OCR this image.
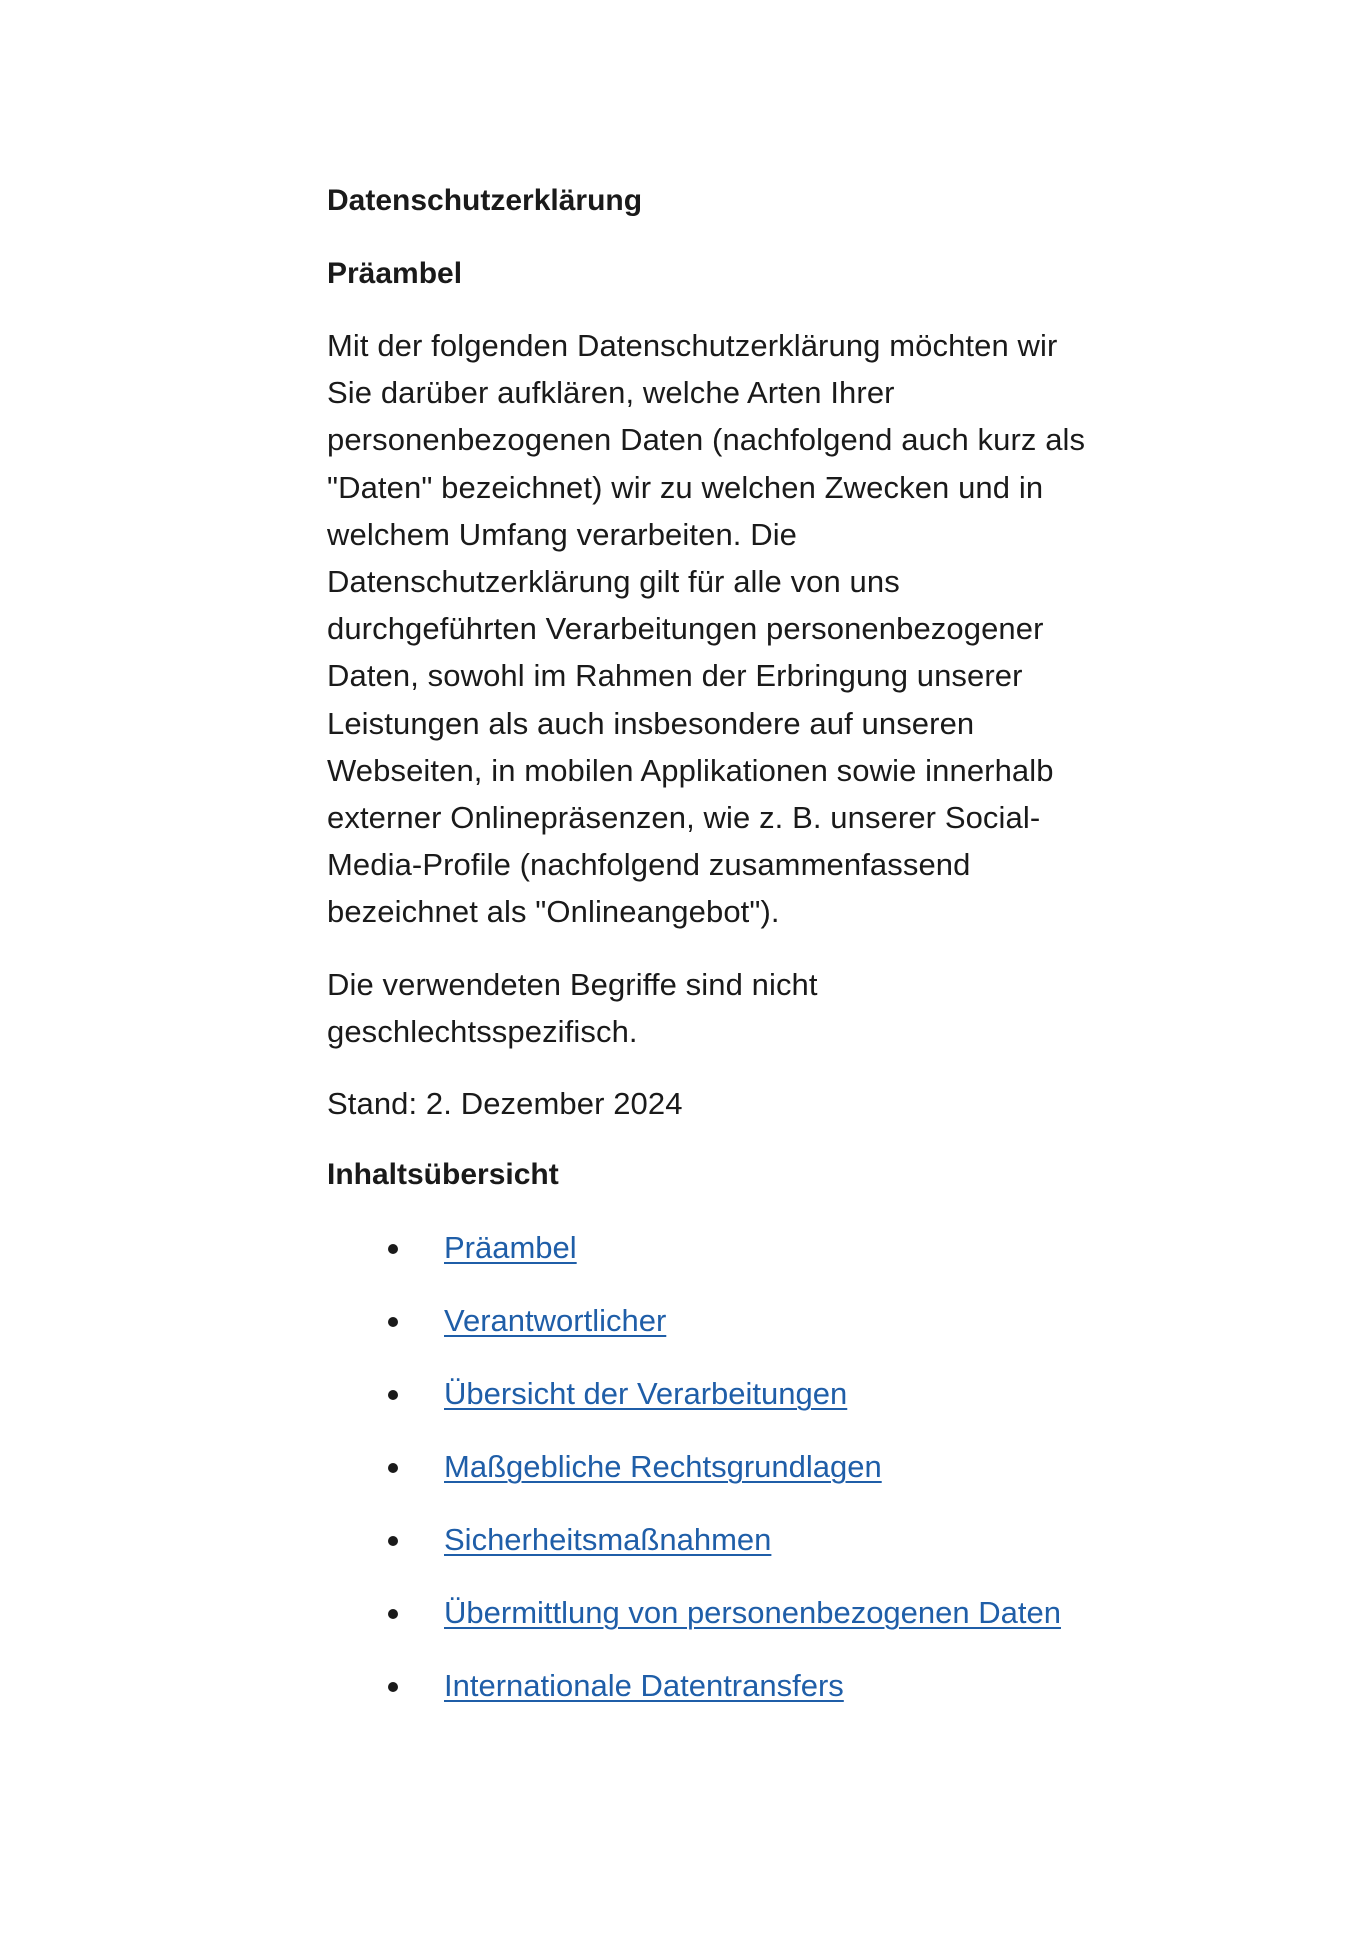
Datenschutzerklärung
Präambel
Mit der folgenden Datenschutzerklärung möchten wir
Sie darüber aufklären, welche Arten Ihrer
personenbezogenen Daten (nachfolgend auch kurz als
"Daten" bezeichnet) wir zu welchen Zwecken und in
welchem Umfang verarbeiten. Die
Datenschutzerklärung gilt für alle von uns
durchgeführten Verarbeitungen personenbezogener
Daten, sowohl im Rahmen der Erbringung unserer
Leistungen als auch insbesondere auf unseren
Webseiten, in mobilen Applikationen sowie innerhalb
externer Onlinepräsenzen, wie z. B. unserer Social-
Media-Profile (nachfolgend zusammenfassend
bezeichnet als "Onlineangebot").
Die verwendeten Begriffe sind nicht
geschlechtsspezifisch.
Stand: 2. Dezember 2024
Inhaltsübersicht
Präambel
Verantwortlicher
Übersicht der Verarbeitungen
Maßgebliche Rechtsgrundlagen
Sicherheitsmaßnahmen
Übermittlung von personenbezogenen Daten
Internationale Datentransfers
